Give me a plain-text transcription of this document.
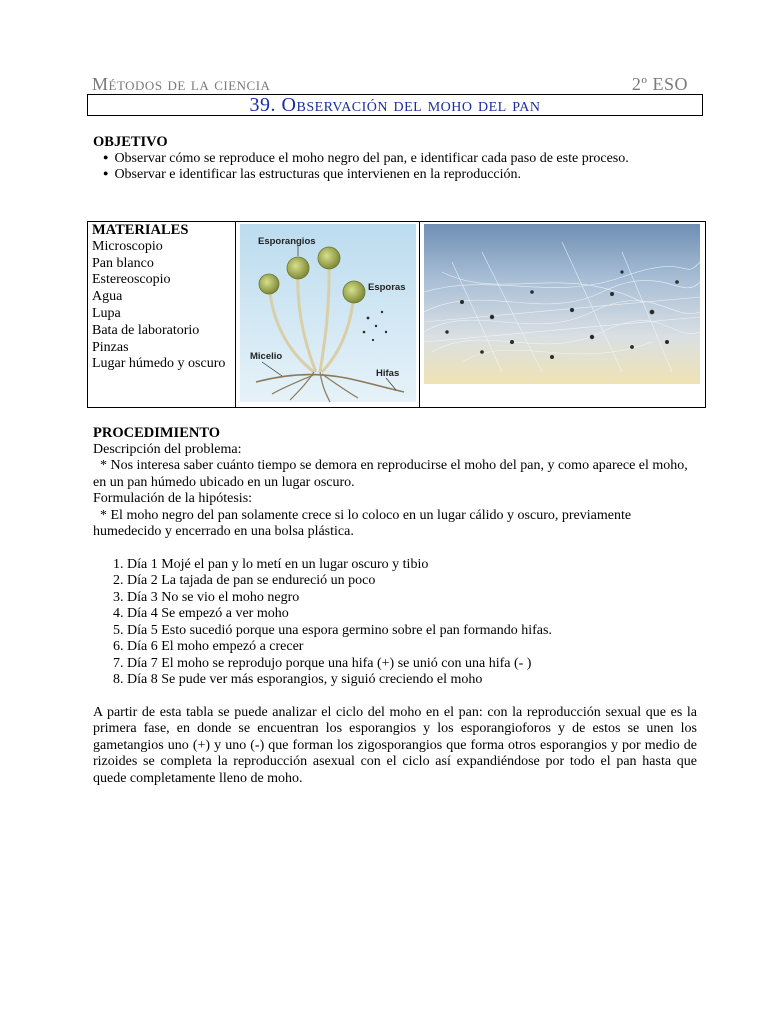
Métodos de la ciencia	2º ESO
39. Observación del moho del pan
OBJETIVO
● Observar cómo se reproduce el moho negro del pan, e identificar cada paso de este proceso.
● Observar e identificar las estructuras que intervienen en la reproducción.
MATERIALES
Microscopio
Pan blanco
Estereoscopio
Agua
Lupa
Bata de laboratorio
Pinzas
Lugar húmedo y oscuro
Esporangios
Esporas
Micelio
Hifas
PROCEDIMIENTO
Descripción del problema:
* Nos interesa saber cuánto tiempo se demora en reproducirse el moho del pan, y como aparece el moho, en un pan húmedo ubicado en un lugar oscuro.
Formulación de la hipótesis:
* El moho negro del pan solamente crece si lo coloco en un lugar cálido y oscuro, previamente humedecido y encerrado en una bolsa plástica.
1. Día 1 Mojé el pan y lo metí en un lugar oscuro y tibio
2. Día 2 La tajada de pan se endureció un poco
3. Día 3 No se vio el moho negro
4. Día 4 Se empezó a ver moho
5. Día 5 Esto sucedió porque una espora germino sobre el pan formando hifas.
6. Día 6 El moho empezó a crecer
7. Día 7 El moho se reprodujo porque una hifa (+) se unió con una hifa (- )
8. Día 8 Se pude ver más esporangios, y siguió creciendo el moho
A partir de esta tabla se puede analizar el ciclo del moho en el pan: con la reproducción sexual que es la primera fase, en donde se encuentran los esporangios y los esporangioforos y de estos se unen los gametangios uno (+) y uno (-) que forman los zigosporangios que forma otros esporangios y por medio de rizoides se completa la reproducción asexual con el ciclo así expandiéndose por todo el pan hasta que quede completamente lleno de moho.
